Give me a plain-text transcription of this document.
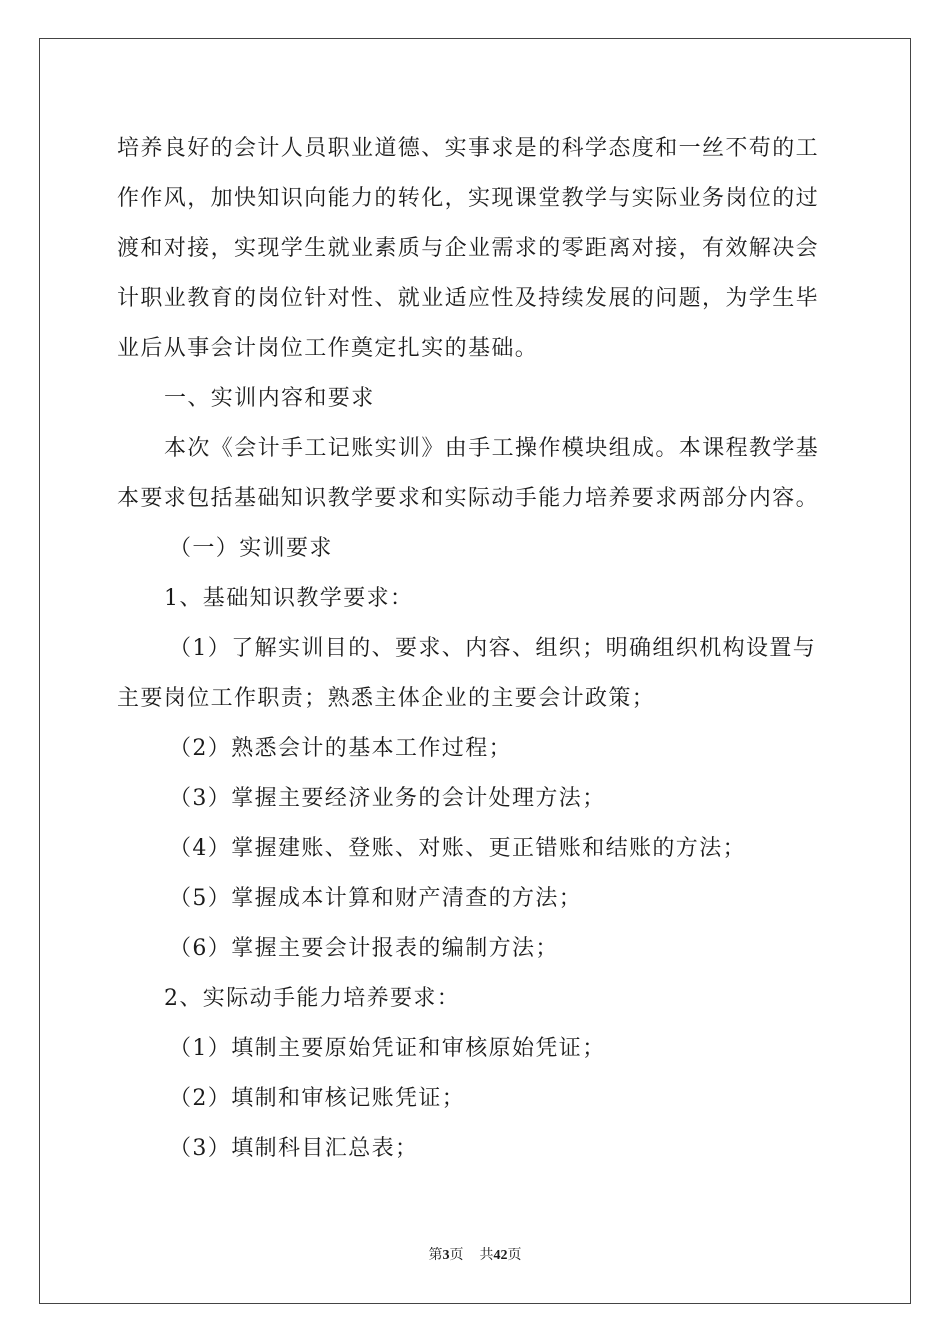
培养良好的会计人员职业道德、实事求是的科学态度和一丝不苟的工
作作风，加快知识向能力的转化，实现课堂教学与实际业务岗位的过
渡和对接，实现学生就业素质与企业需求的零距离对接，有效解决会
计职业教育的岗位针对性、就业适应性及持续发展的问题，为学生毕
业后从事会计岗位工作奠定扎实的基础。

一、实训内容和要求

本次《会计手工记账实训》由手工操作模块组成。本课程教学基
本要求包括基础知识教学要求和实际动手能力培养要求两部分内容。

（一）实训要求

1、基础知识教学要求：

（1）了解实训目的、要求、内容、组织；明确组织机构设置与
主要岗位工作职责；熟悉主体企业的主要会计政策；

（2）熟悉会计的基本工作过程；

（3）掌握主要经济业务的会计处理方法；

（4）掌握建账、登账、对账、更正错账和结账的方法；

（5）掌握成本计算和财产清查的方法；

（6）掌握主要会计报表的编制方法；

2、实际动手能力培养要求：

（1）填制主要原始凭证和审核原始凭证；

（2）填制和审核记账凭证；

（3）填制科目汇总表；

第3页 共42页
